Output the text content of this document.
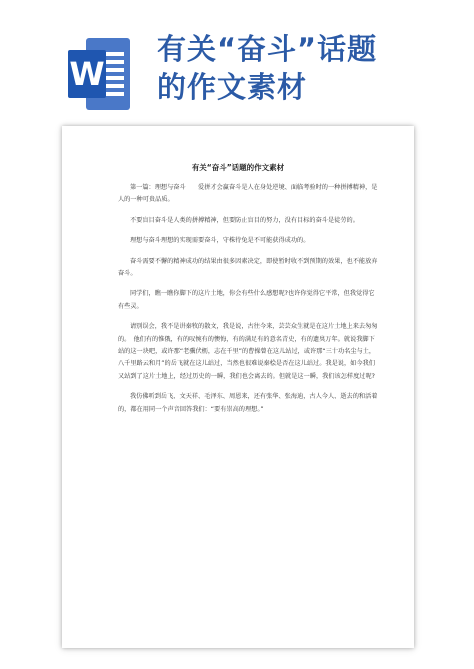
W
有关“奋斗”话题
的作文素材
有关“奋斗”话题的作文素材

第一篇：理想与奋斗　　爱拼才会赢奋斗是人在身处逆境、面临考验时的一种拼搏精神，是人的一种可贵品质。

不要盲目奋斗是人类的拼搏精神，但要防止盲目的努力，没有目标的奋斗是徒劳的。

理想与奋斗理想的实现需要奋斗，守株待兔是不可能获得成功的。

奋斗需要不懈的精神成功的结果由很多因素决定，即使暂时收不到预期的效果，也不能放弃奋斗。

同学们，瞧一瞧你脚下的这片土地，你会有些什么感想呢?也许你觉得它平常，但我觉得它有些灵。

请别误会，我不是讲秦牧的散文，我是说，古往今来，芸芸众生就是在这片土地上来去匆匆的。　他们有的惟俄，有的叹惋有的懊悔，有的满足有的意名青史，有的遗臭万年。就说我脚下站的这一块吧，或许那“老骥伏枥，志在千里”的曹操曾在这儿站过，或许那“三十功名尘与土，八千里路云和月”的岳飞就在这儿站过，当然也很难说秦桧是否在这儿站过。我是说，如今我们又站到了这片土地上，经过历史的一瞬，我们也会离去的。但就是这一瞬，我们该怎样度过呢?

我仿佛听到岳飞、文天祥、毛泽东、周恩来，还有张华、张海迪，古人今人、逝去的和活着的，都在用同一个声音回答我们：“要有崇高的理想。”
